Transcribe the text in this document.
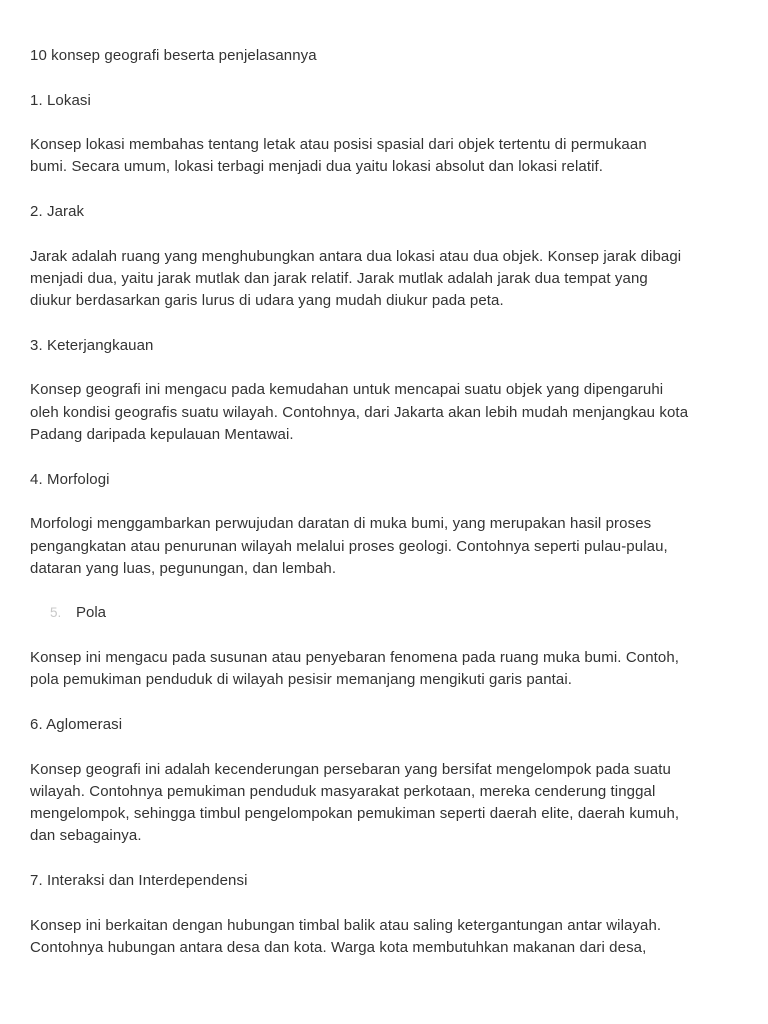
10 konsep geografi beserta penjelasannya

1. Lokasi

Konsep lokasi membahas tentang letak atau posisi spasial dari objek tertentu di permukaan

bumi. Secara umum, lokasi terbagi menjadi dua yaitu lokasi absolut dan lokasi relatif.

2. Jarak

Jarak adalah ruang yang menghubungkan antara dua lokasi atau dua objek. Konsep jarak dibagi

menjadi dua, yaitu jarak mutlak dan jarak relatif. Jarak mutlak adalah jarak dua tempat yang

diukur berdasarkan garis lurus di udara yang mudah diukur pada peta.

3. Keterjangkauan

Konsep geografi ini mengacu pada kemudahan untuk mencapai suatu objek yang dipengaruhi

oleh kondisi geografis suatu wilayah. Contohnya, dari Jakarta akan lebih mudah menjangkau kota

Padang daripada kepulauan Mentawai.

4. Morfologi

Morfologi menggambarkan perwujudan daratan di muka bumi, yang merupakan hasil proses

pengangkatan atau penurunan wilayah melalui proses geologi. Contohnya seperti pulau-pulau,

dataran yang luas, pegunungan, dan lembah.

5. Pola

Konsep ini mengacu pada susunan atau penyebaran fenomena pada ruang muka bumi. Contoh,

pola pemukiman penduduk di wilayah pesisir memanjang mengikuti garis pantai.

6. Aglomerasi

Konsep geografi ini adalah kecenderungan persebaran yang bersifat mengelompok pada suatu

wilayah. Contohnya pemukiman penduduk masyarakat perkotaan, mereka cenderung tinggal

mengelompok, sehingga timbul pengelompokan pemukiman seperti daerah elite, daerah kumuh,

dan sebagainya.

7. Interaksi dan Interdependensi

Konsep ini berkaitan dengan hubungan timbal balik atau saling ketergantungan antar wilayah.

Contohnya hubungan antara desa dan kota. Warga kota membutuhkan makanan dari desa,
